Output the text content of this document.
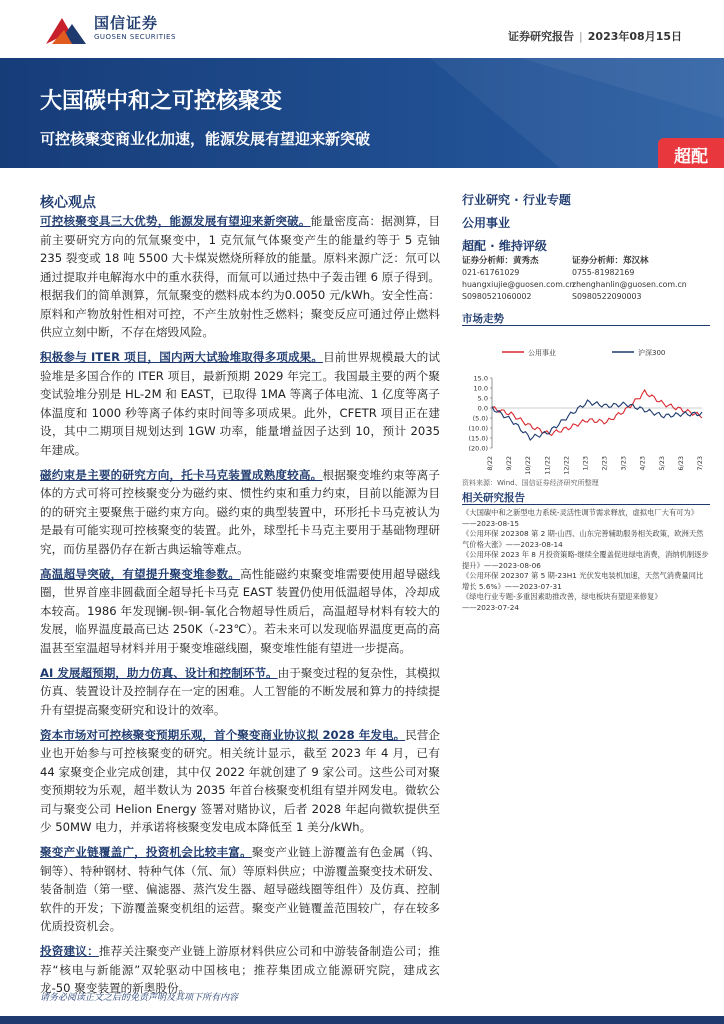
国信证券
GUOSEN SECURITIES	证券研究报告 | 2023年08月15日
大国碳中和之可控核聚变
可控核聚变商业化加速，能源发展有望迎来新突破
超配
核心观点

可控核聚变具三大优势，能源发展有望迎来新突破。能量密度高：据测算，目前主要研究方向的氘氚聚变中，1 克氘氚气体聚变产生的能量约等于 5 克铀 235 裂变或 18 吨 5500 大卡煤炭燃烧所释放的能量。原料来源广泛：氘可以通过提取并电解海水中的重水获得，而氚可以通过热中子轰击锂 6 原子得到。根据我们的简单测算，氘氚聚变的燃料成本约为0.0050 元/kWh。安全性高：原料和产物放射性相对可控，不产生放射性乏燃料；聚变反应可通过停止燃料供应立刻中断，不存在熔毁风险。

积极参与 ITER 项目，国内两大试验堆取得多项成果。目前世界规模最大的试验堆是多国合作的 ITER 项目，最新预期 2029 年完工。我国最主要的两个聚变试验堆分别是 HL-2M 和 EAST，已取得 1MA 等离子体电流、1 亿度等离子体温度和 1000 秒等离子体约束时间等多项成果。此外，CFETR 项目正在建设，其中二期项目规划达到 1GW 功率，能量增益因子达到 10，预计 2035 年建成。

磁约束是主要的研究方向，托卡马克装置成熟度较高。根据聚变堆约束等离子体的方式可将可控核聚变分为磁约束、惯性约束和重力约束，目前以能源为目的的研究主要聚焦于磁约束方向。磁约束的典型装置中，环形托卡马克被认为是最有可能实现可控核聚变的装置。此外，球型托卡马克主要用于基础物理研究，而仿星器仍存在新古典运输等难点。

高温超导突破，有望提升聚变堆参数。高性能磁约束聚变堆需要使用超导磁线圈，世界首座非圆截面全超导托卡马克 EAST 装置仍使用低温超导体，冷却成本较高。1986 年发现镧-钡-铜-氧化合物超导性质后，高温超导材料有较大的发展，临界温度最高已达 250K（-23℃）。若未来可以发现临界温度更高的高温甚至室温超导材料并用于聚变堆磁线圈，聚变堆性能有望进一步提高。

AI 发展超预期，助力仿真、设计和控制环节。由于聚变过程的复杂性，其模拟仿真、装置设计及控制存在一定的困难。人工智能的不断发展和算力的持续提升有望提高聚变研究和设计的效率。

资本市场对可控核聚变预期乐观，首个聚变商业协议拟 2028 年发电。民营企业也开始参与可控核聚变的研究。相关统计显示，截至 2023 年 4 月，已有 44 家聚变企业完成创建，其中仅 2022 年就创建了 9 家公司。这些公司对聚变预期较为乐观，超半数认为 2035 年首台核聚变机组有望并网发电。微软公司与聚变公司 Helion Energy 签署对赌协议，后者 2028 年起向微软提供至少 50MW 电力，并承诺将核聚变发电成本降低至 1 美分/kWh。

聚变产业链覆盖广，投资机会比较丰富。聚变产业链上游覆盖有色金属（钨、铜等）、特种钢材、特种气体（氘、氚）等原料供应；中游覆盖聚变技术研发、装备制造（第一壁、偏滤器、蒸汽发生器、超导磁线圈等组件）及仿真、控制软件的开发；下游覆盖聚变机组的运营。聚变产业链覆盖范围较广，存在较多优质投资机会。

投资建议：推荐关注聚变产业链上游原材料供应公司和中游装备制造公司；推荐“核电与新能源”双轮驱动中国核电；推荐集团成立能源研究院，建成玄龙-50 聚变装置的新奥股份。

行业研究 · 行业专题
公用事业
超配 · 维持评级
证券分析师：黄秀杰
021-61761029
huangxiujie@guosen.com.cn
S0980521060002
证券分析师：郑汉林
0755-81982169
zhenghanlin@guosen.com.cn
S0980522090003
市场走势
公用事业	沪深300
15.0
10.0
5.0
0.0
(5.0)
(10.0)
(15.0)
(20.0)
8/22 9/22 10/22 11/22 12/22 1/23 2/23 3/23 4/23 5/23 6/23 7/23
资料来源：Wind、国信证券经济研究所整理
相关研究报告
《大国碳中和之新型电力系统-灵活性调节需求释放，虚拟电厂大有可为》——2023-08-15
《公用环保 202308 第 2 期-山西、山东完善辅助服务相关政策，欧洲天然气价格大涨》——2023-08-14
《公用环保 2023 年 8 月投资策略-继续全覆盖促进绿电消费，消纳机制逐步提升》——2023-08-06
《公用环保 202307 第 5 期-23H1 光伏发电装机加速，天然气消费量同比增长 5.6%》——2023-07-31
《绿电行业专题-多重因素助推改善，绿电板块有望迎来修复》——2023-07-24
请务必阅读正文之后的免责声明及其项下所有内容
